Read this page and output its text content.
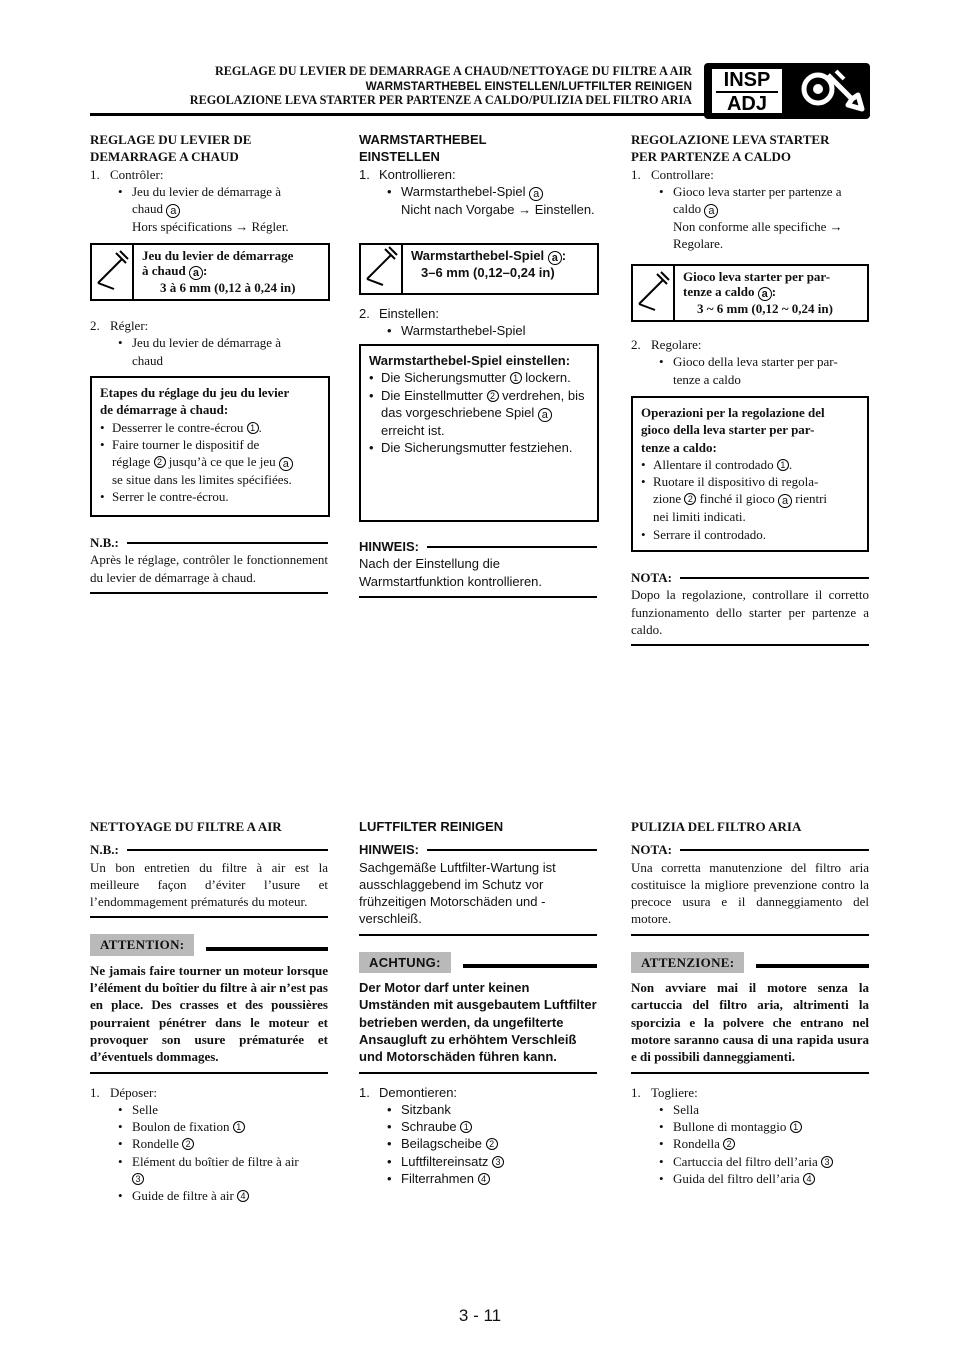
REGLAGE DU LEVIER DE DEMARRAGE A CHAUD/NETTOYAGE DU FILTRE A AIR
WARMSTARTHEBEL EINSTELLEN/LUFTFILTER REINIGEN
REGOLAZIONE LEVA STARTER PER PARTENZE A CALDO/PULIZIA DEL FILTRO ARIA
INSP
ADJ
REGLAGE DU LEVIER DE
DEMARRAGE A CHAUD
1. Contrôler:
• Jeu du levier de démarrage à
chaud a
Hors spécifications → Régler.
Jeu du levier de démarrage
à chaud a :
3 à 6 mm (0,12 à 0,24 in)
2. Régler:
• Jeu du levier de démarrage à
chaud
Etapes du réglage du jeu du levier
de démarrage à chaud:
• Desserrer le contre-écrou 1 .
• Faire tourner le dispositif de
réglage 2 jusqu’à ce que le jeu a
se situe dans les limites spécifiées.
• Serrer le contre-écrou.
N.B.:
Après le réglage, contrôler le fonctionnement du levier de démarrage à chaud.
WARMSTARTHEBEL
EINSTELLEN
1. Kontrollieren:
• Warmstarthebel-Spiel a
Nicht nach Vorgabe → Einstellen.
Warmstarthebel-Spiel a :
3–6 mm (0,12–0,24 in)
2. Einstellen:
• Warmstarthebel-Spiel
Warmstarthebel-Spiel einstellen:
• Die Sicherungsmutter 1 lockern.
• Die Einstellmutter 2 verdrehen, bis das vorgeschriebene Spiel a erreicht ist.
• Die Sicherungsmutter festziehen.
HINWEIS:
Nach der Einstellung die Warmstartfunktion kontrollieren.
REGOLAZIONE LEVA STARTER
PER PARTENZE A CALDO
1. Controllare:
• Gioco leva starter per partenze a
caldo a
Non conforme alle specifiche →
Regolare.
Gioco leva starter per par-
tenze a caldo a :
3 ~ 6 mm (0,12 ~ 0,24 in)
2. Regolare:
• Gioco della leva starter per par-
tenze a caldo
Operazioni per la regolazione del
gioco della leva starter per par-
tenze a caldo:
• Allentare il controdado 1 .
• Ruotare il dispositivo di regola-
zione 2 finché il gioco a rientri
nei limiti indicati.
• Serrare il controdado.
NOTA:
Dopo la regolazione, controllare il corretto funzionamento dello starter per partenze a caldo.
NETTOYAGE DU FILTRE A AIR
N.B.:
Un bon entretien du filtre à air est la meilleure façon d’éviter l’usure et l’endommagement prématurés du moteur.
ATTENTION:
Ne jamais faire tourner un moteur lorsque l’élément du boîtier du filtre à air n’est pas en place. Des crasses et des poussières pourraient pénétrer dans le moteur et provoquer son usure prématurée et d’éventuels dommages.
1. Déposer:
• Selle
• Boulon de fixation 1
• Rondelle 2
• Elément du boîtier de filtre à air
3
• Guide de filtre à air 4
LUFTFILTER REINIGEN
HINWEIS:
Sachgemäße Luftfilter-Wartung ist ausschlaggebend im Schutz vor frühzeitigen Motorschäden und -verschleiß.
ACHTUNG:
Der Motor darf unter keinen Umständen mit ausgebautem Luftfilter betrieben werden, da ungefilterte Ansaugluft zu erhöhtem Verschleiß und Motorschäden führen kann.
1. Demontieren:
• Sitzbank
• Schraube 1
• Beilagscheibe 2
• Luftfiltereinsatz 3
• Filterrahmen 4
PULIZIA DEL FILTRO ARIA
NOTA:
Una corretta manutenzione del filtro aria costituisce la migliore prevenzione contro la precoce usura e il danneggiamento del motore.
ATTENZIONE:
Non avviare mai il motore senza la cartuccia del filtro aria, altrimenti la sporcizia e la polvere che entrano nel motore saranno causa di una rapida usura e di possibili danneggiamenti.
1. Togliere:
• Sella
• Bullone di montaggio 1
• Rondella 2
• Cartuccia del filtro dell’aria 3
• Guida del filtro dell’aria 4
3 - 11
